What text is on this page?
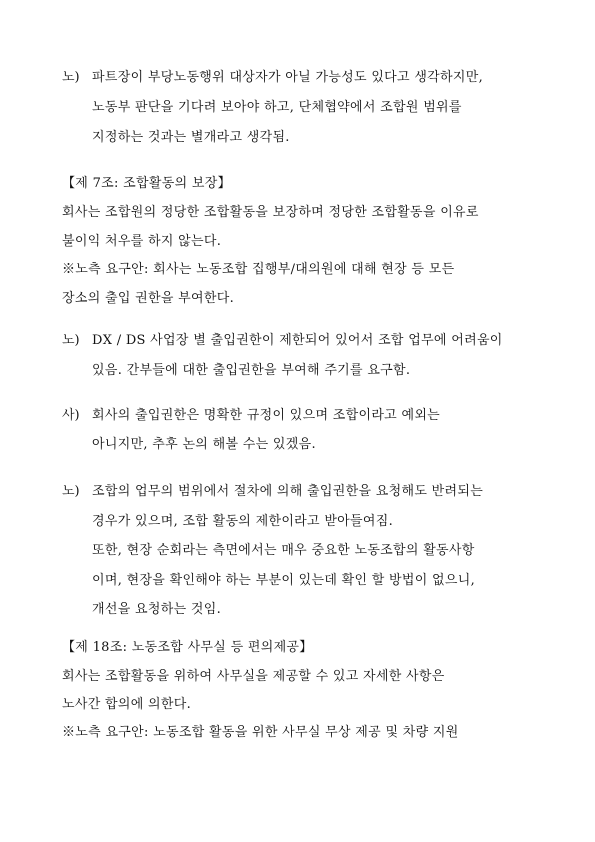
노) 파트장이 부당노동행위 대상자가 아닐 가능성도 있다고 생각하지만,
노동부 판단을 기다려 보아야 하고, 단체협약에서 조합원 범위를
지정하는 것과는 별개라고 생각됨.
【제 7조: 조합활동의 보장】
회사는 조합원의 정당한 조합활동을 보장하며 정당한 조합활동을 이유로
불이익 처우를 하지 않는다.
※노측 요구안: 회사는 노동조합 집행부/대의원에 대해 현장 등 모든
장소의 출입 권한을 부여한다.
노) DX / DS 사업장 별 출입권한이 제한되어 있어서 조합 업무에 어려움이
있음. 간부들에 대한 출입권한을 부여해 주기를 요구함.
사) 회사의 출입권한은 명확한 규정이 있으며 조합이라고 예외는
아니지만, 추후 논의 해볼 수는 있겠음.
노) 조합의 업무의 범위에서 절차에 의해 출입권한을 요청해도 반려되는
경우가 있으며, 조합 활동의 제한이라고 받아들여짐.
또한, 현장 순회라는 측면에서는 매우 중요한 노동조합의 활동사항
이며, 현장을 확인해야 하는 부분이 있는데 확인 할 방법이 없으니,
개선을 요청하는 것임.
【제 18조: 노동조합 사무실 등 편의제공】
회사는 조합활동을 위하여 사무실을 제공할 수 있고 자세한 사항은
노사간 합의에 의한다.
※노측 요구안: 노동조합 활동을 위한 사무실 무상 제공 및 차량 지원
